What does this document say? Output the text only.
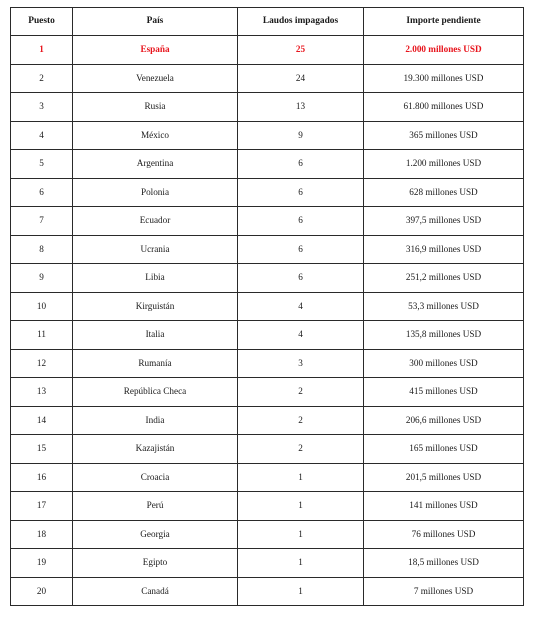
Puesto	País	Laudos impagados	Importe pendiente
1	España	25	2.000 millones USD
2	Venezuela	24	19.300 millones USD
3	Rusia	13	61.800 millones USD
4	México	9	365 millones USD
5	Argentina	6	1.200 millones USD
6	Polonia	6	628 millones USD
7	Ecuador	6	397,5 millones USD
8	Ucrania	6	316,9 millones USD
9	Libia	6	251,2 millones USD
10	Kirguistán	4	53,3 millones USD
11	Italia	4	135,8 millones USD
12	Rumanía	3	300 millones USD
13	República Checa	2	415 millones USD
14	India	2	206,6 millones USD
15	Kazajistán	2	165 millones USD
16	Croacia	1	201,5 millones USD
17	Perú	1	141 millones USD
18	Georgia	1	76 millones USD
19	Egipto	1	18,5 millones USD
20	Canadá	1	7 millones USD
